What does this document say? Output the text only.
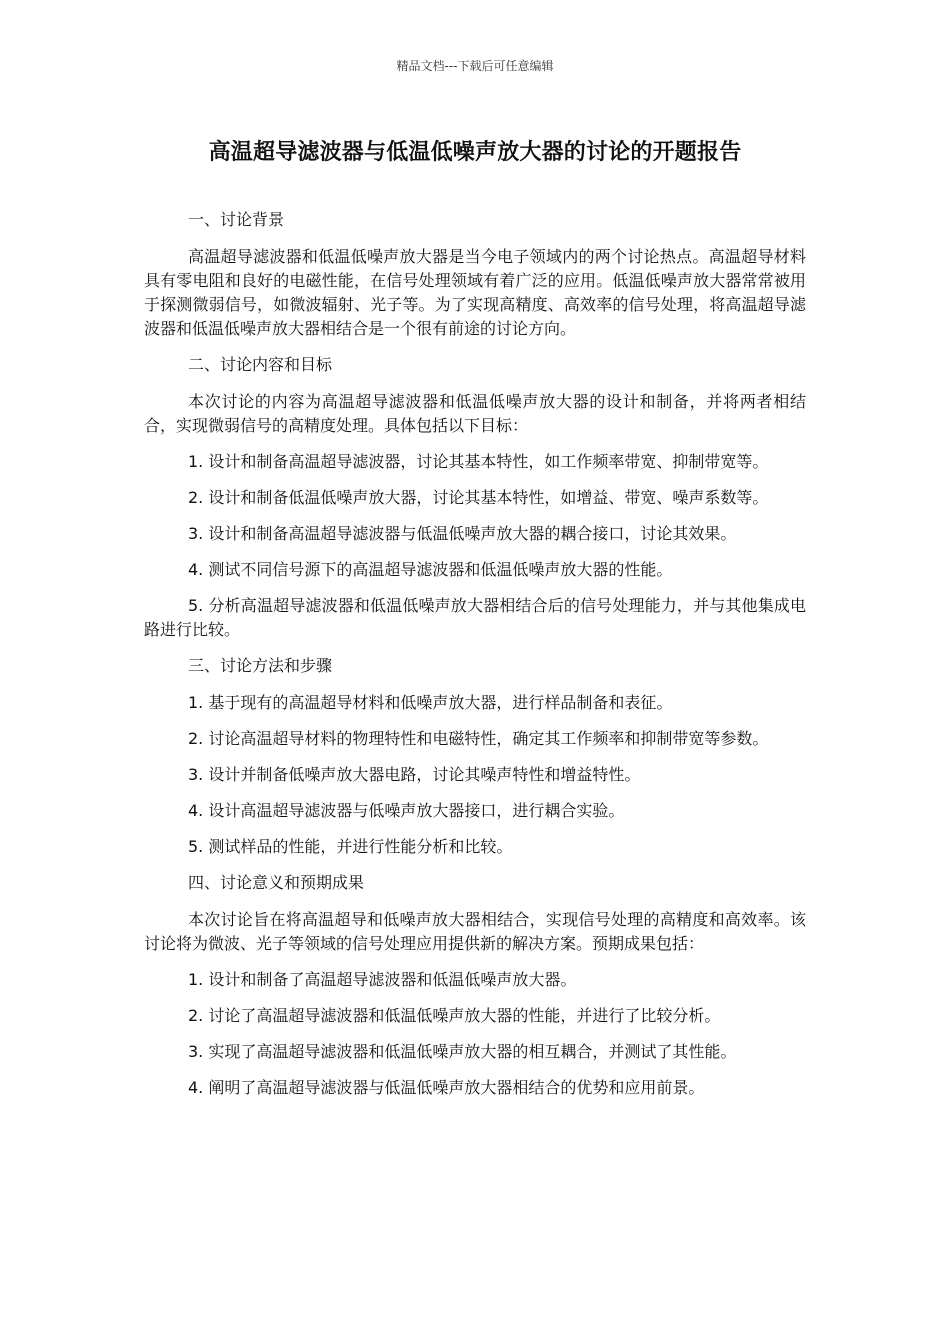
精品文档---下载后可任意编辑
高温超导滤波器与低温低噪声放大器的讨论的开题报告

一、讨论背景

高温超导滤波器和低温低噪声放大器是当今电子领域内的两个讨论热点。高温超导材料具有零电阻和良好的电磁性能，在信号处理领域有着广泛的应用。低温低噪声放大器常常被用于探测微弱信号，如微波辐射、光子等。为了实现高精度、高效率的信号处理，将高温超导滤波器和低温低噪声放大器相结合是一个很有前途的讨论方向。

二、讨论内容和目标

本次讨论的内容为高温超导滤波器和低温低噪声放大器的设计和制备，并将两者相结合，实现微弱信号的高精度处理。具体包括以下目标：

1. 设计和制备高温超导滤波器，讨论其基本特性，如工作频率带宽、抑制带宽等。

2. 设计和制备低温低噪声放大器，讨论其基本特性，如增益、带宽、噪声系数等。

3. 设计和制备高温超导滤波器与低温低噪声放大器的耦合接口，讨论其效果。

4. 测试不同信号源下的高温超导滤波器和低温低噪声放大器的性能。

5. 分析高温超导滤波器和低温低噪声放大器相结合后的信号处理能力，并与其他集成电路进行比较。

三、讨论方法和步骤

1. 基于现有的高温超导材料和低噪声放大器，进行样品制备和表征。

2. 讨论高温超导材料的物理特性和电磁特性，确定其工作频率和抑制带宽等参数。

3. 设计并制备低噪声放大器电路，讨论其噪声特性和增益特性。

4. 设计高温超导滤波器与低噪声放大器接口，进行耦合实验。

5. 测试样品的性能，并进行性能分析和比较。

四、讨论意义和预期成果

本次讨论旨在将高温超导和低噪声放大器相结合，实现信号处理的高精度和高效率。该讨论将为微波、光子等领域的信号处理应用提供新的解决方案。预期成果包括：

1. 设计和制备了高温超导滤波器和低温低噪声放大器。

2. 讨论了高温超导滤波器和低温低噪声放大器的性能，并进行了比较分析。

3. 实现了高温超导滤波器和低温低噪声放大器的相互耦合，并测试了其性能。

4. 阐明了高温超导滤波器与低温低噪声放大器相结合的优势和应用前景。
